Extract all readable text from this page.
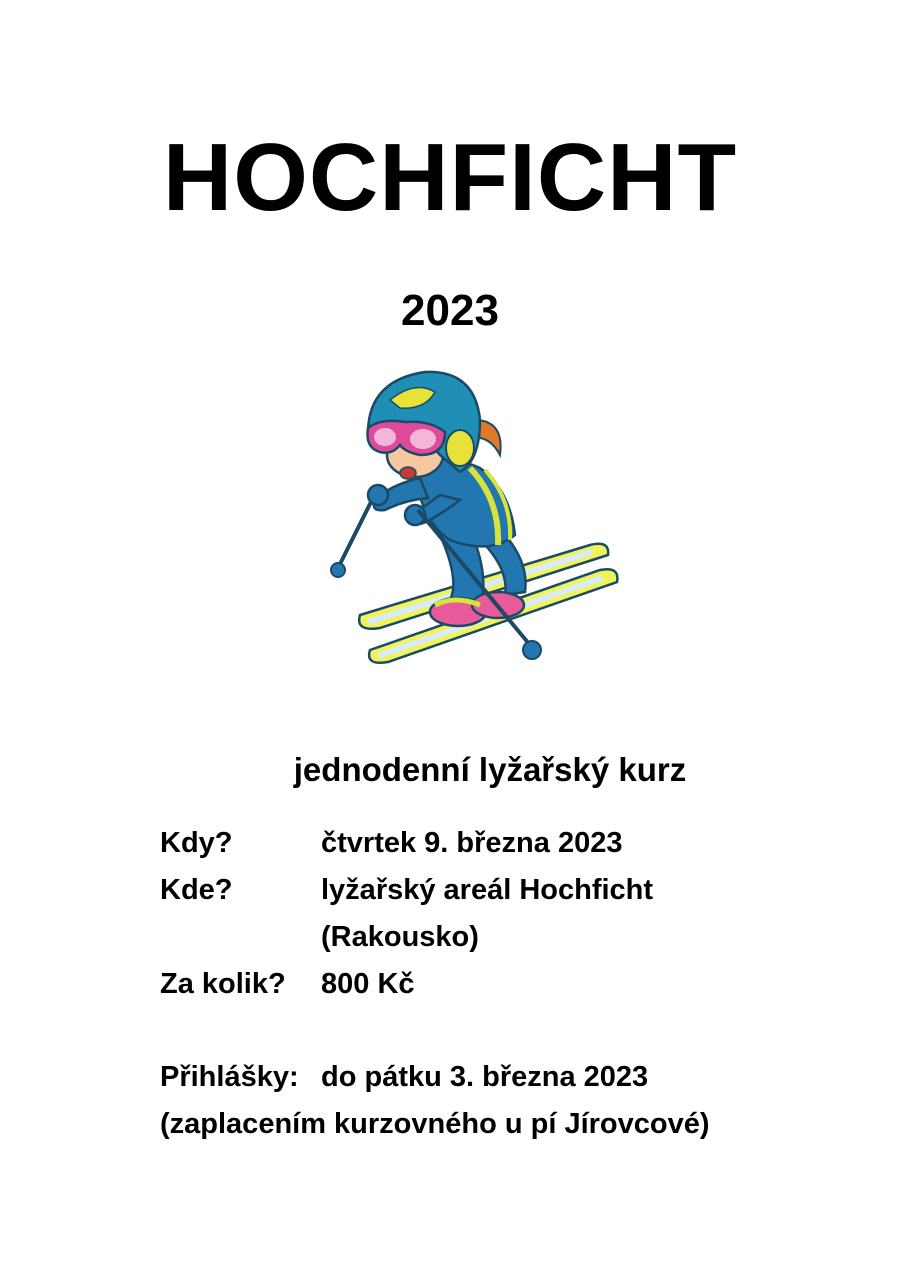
HOCHFICHT
2023
jednodenní lyžařský kurz
Kdy?	čtvrtek 9. března 2023
Kde?	lyžařský areál Hochficht
(Rakousko)
Za kolik? 800 Kč
Přihlášky: do pátku 3. března 2023
(zaplacením kurzovného u pí Jírovcové)
